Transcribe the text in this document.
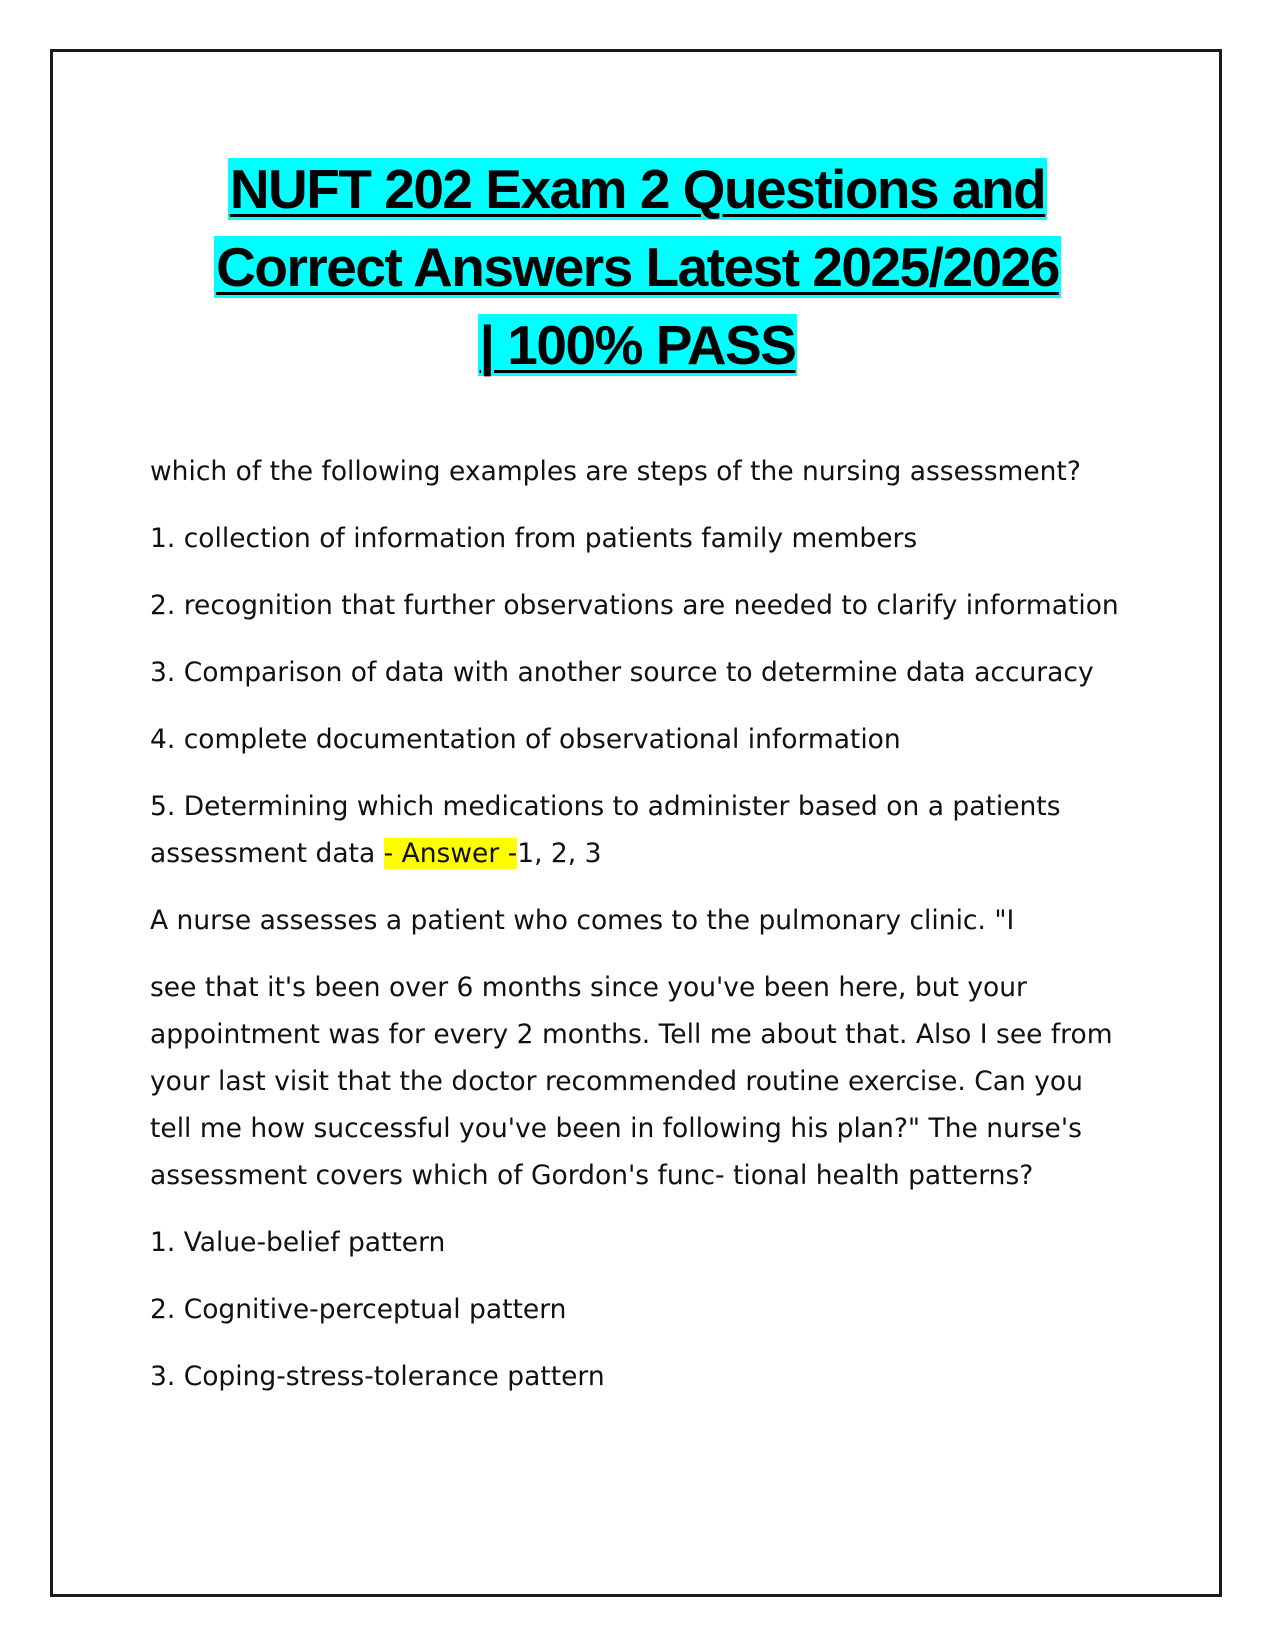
NUFT 202 Exam 2 Questions and
Correct Answers Latest 2025/2026
| 100% PASS

which of the following examples are steps of the nursing assessment?

1. collection of information from patients family members

2. recognition that further observations are needed to clarify information

3. Comparison of data with another source to determine data accuracy

4. complete documentation of observational information

5. Determining which medications to administer based on a patients assessment data - Answer -1, 2, 3

A nurse assesses a patient who comes to the pulmonary clinic. "I

see that it's been over 6 months since you've been here, but your appointment was for every 2 months. Tell me about that. Also I see from your last visit that the doctor recommended routine exercise. Can you tell me how successful you've been in following his plan?" The nurse's assessment covers which of Gordon's func- tional health patterns?

1. Value-belief pattern

2. Cognitive-perceptual pattern

3. Coping-stress-tolerance pattern
